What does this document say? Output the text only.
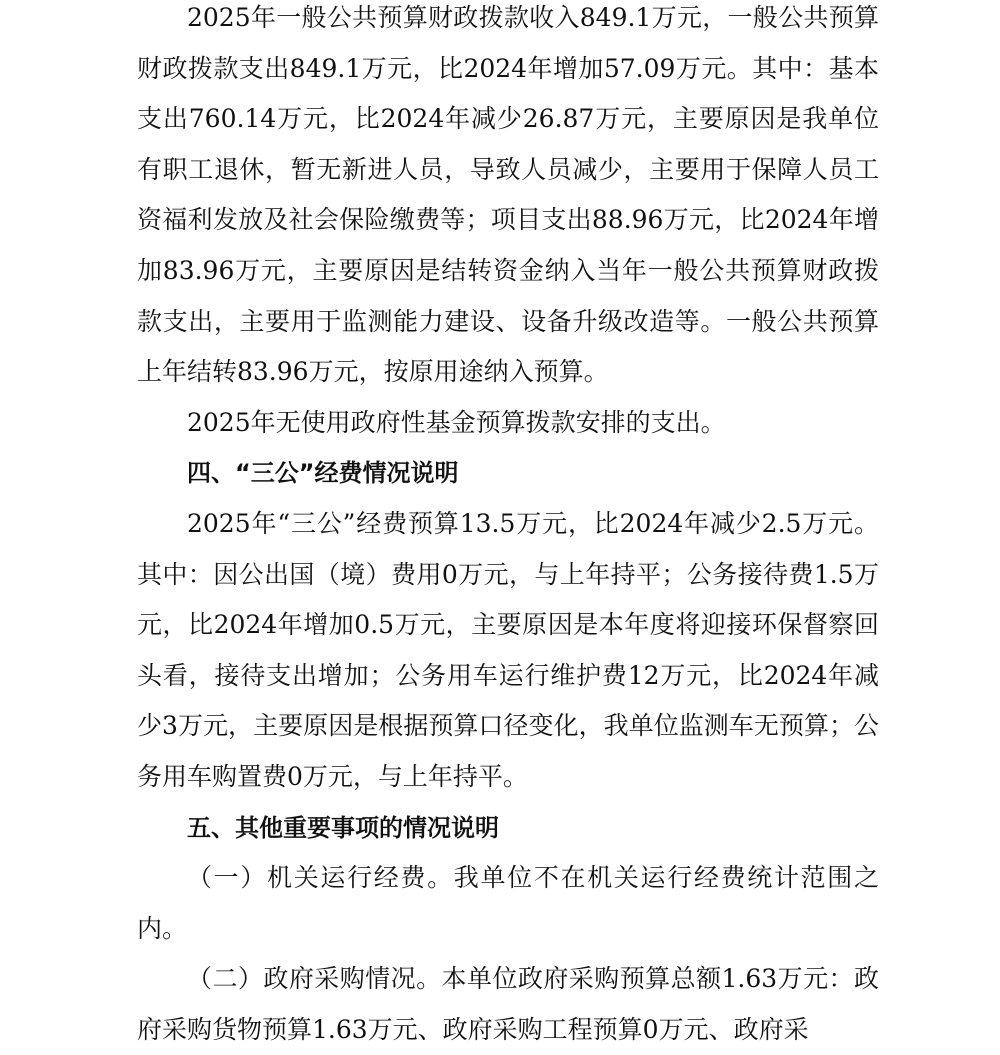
2025年一般公共预算财政拨款收入849.1万元，一般公共预算财政拨款支出849.1万元，比2024年增加57.09万元。其中：基本支出760.14万元，比2024年减少26.87万元，主要原因是我单位有职工退休，暂无新进人员，导致人员减少，主要用于保障人员工资福利发放及社会保险缴费等；项目支出88.96万元，比2024年增加83.96万元，主要原因是结转资金纳入当年一般公共预算财政拨款支出，主要用于监测能力建设、设备升级改造等。一般公共预算上年结转83.96万元，按原用途纳入预算。

2025年无使用政府性基金预算拨款安排的支出。

四、“三公”经费情况说明

2025年“三公”经费预算13.5万元，比2024年减少2.5万元。其中：因公出国（境）费用0万元，与上年持平；公务接待费1.5万元，比2024年增加0.5万元，主要原因是本年度将迎接环保督察回头看，接待支出增加；公务用车运行维护费12万元，比2024年减少3万元，主要原因是根据预算口径变化，我单位监测车无预算；公务用车购置费0万元，与上年持平。

五、其他重要事项的情况说明

（一）机关运行经费。我单位不在机关运行经费统计范围之内。

（二）政府采购情况。本单位政府采购预算总额1.63万元：政府采购货物预算1.63万元、政府采购工程预算0万元、政府采
